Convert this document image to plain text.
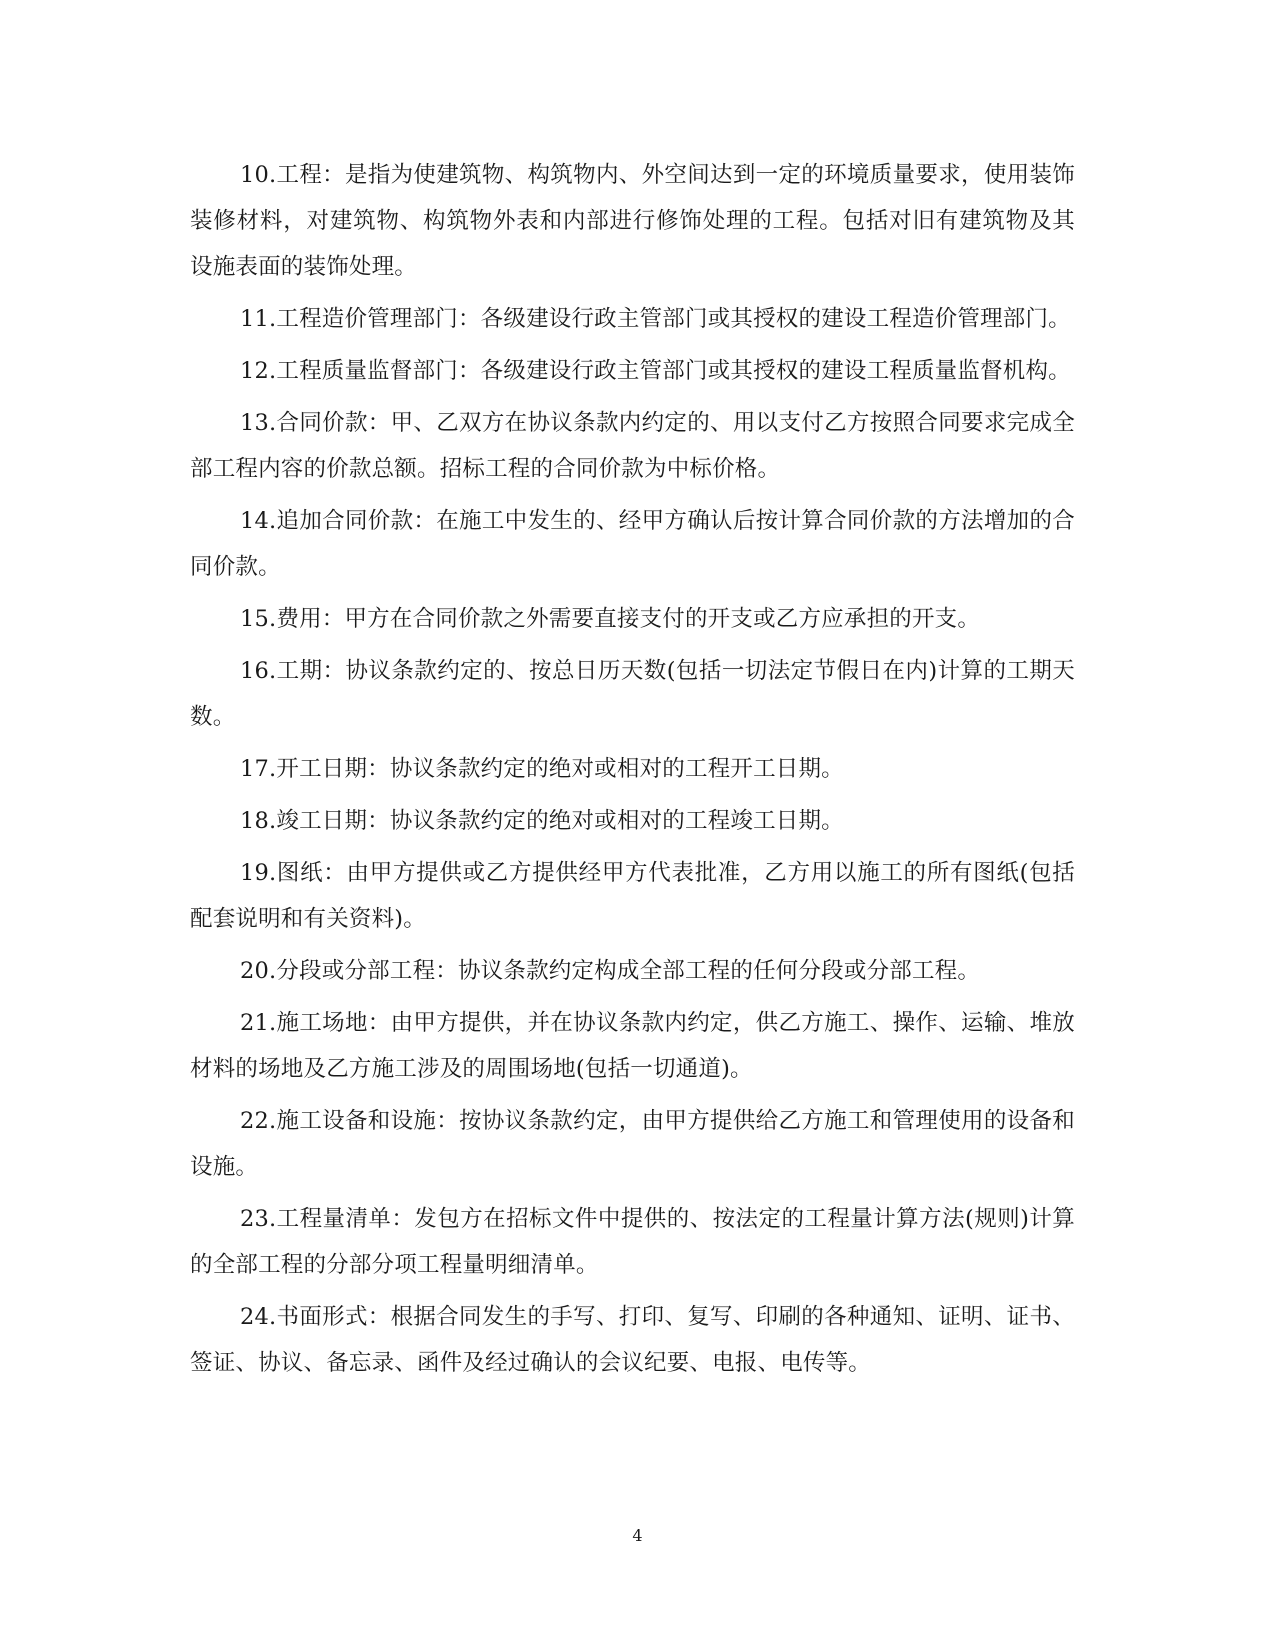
10.工程：是指为使建筑物、构筑物内、外空间达到一定的环境质量要求，使用装饰装修材料，对建筑物、构筑物外表和内部进行修饰处理的工程。包括对旧有建筑物及其设施表面的装饰处理。

11.工程造价管理部门：各级建设行政主管部门或其授权的建设工程造价管理部门。

12.工程质量监督部门：各级建设行政主管部门或其授权的建设工程质量监督机构。

13.合同价款：甲、乙双方在协议条款内约定的、用以支付乙方按照合同要求完成全部工程内容的价款总额。招标工程的合同价款为中标价格。

14.追加合同价款：在施工中发生的、经甲方确认后按计算合同价款的方法增加的合同价款。

15.费用：甲方在合同价款之外需要直接支付的开支或乙方应承担的开支。

16.工期：协议条款约定的、按总日历天数(包括一切法定节假日在内)计算的工期天数。

17.开工日期：协议条款约定的绝对或相对的工程开工日期。

18.竣工日期：协议条款约定的绝对或相对的工程竣工日期。

19.图纸：由甲方提供或乙方提供经甲方代表批准，乙方用以施工的所有图纸(包括配套说明和有关资料)。

20.分段或分部工程：协议条款约定构成全部工程的任何分段或分部工程。

21.施工场地：由甲方提供，并在协议条款内约定，供乙方施工、操作、运输、堆放材料的场地及乙方施工涉及的周围场地(包括一切通道)。

22.施工设备和设施：按协议条款约定，由甲方提供给乙方施工和管理使用的设备和设施。

23.工程量清单：发包方在招标文件中提供的、按法定的工程量计算方法(规则)计算的全部工程的分部分项工程量明细清单。

24.书面形式：根据合同发生的手写、打印、复写、印刷的各种通知、证明、证书、签证、协议、备忘录、函件及经过确认的会议纪要、电报、电传等。

4
